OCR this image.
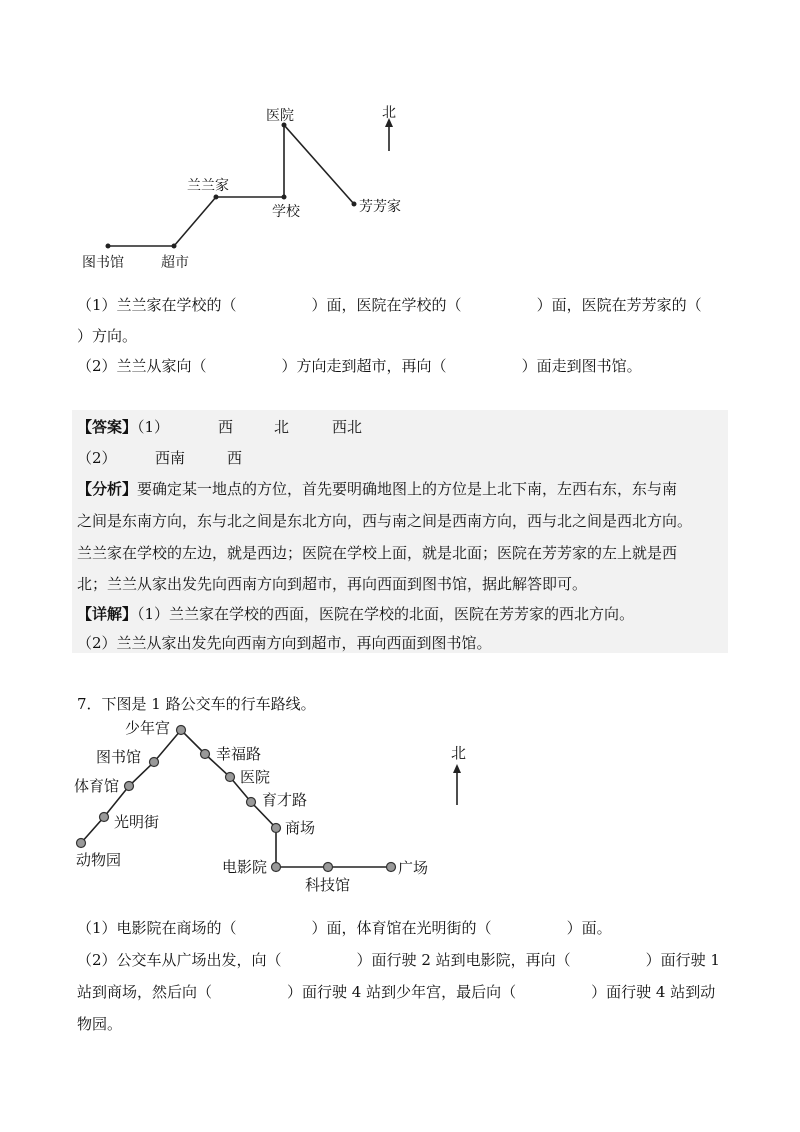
医院	北
兰兰家
学校	芳芳家
图书馆	超市
（1）兰兰家在学校的（	）面，医院在学校的（	）面，医院在芳芳家的（
）方向。
（2）兰兰从家向（	）方向走到超市，再向（	）面走到图书馆。
【答案】（1）	西	北	西北
（2）	西南	西
【分析】要确定某一地点的方位，首先要明确地图上的方位是上北下南，左西右东，东与南
之间是东南方向，东与北之间是东北方向，西与南之间是西南方向，西与北之间是西北方向。
兰兰家在学校的左边，就是西边；医院在学校上面，就是北面；医院在芳芳家的左上就是西
北；兰兰从家出发先向西南方向到超市，再向西面到图书馆，据此解答即可。
【详解】（1）兰兰家在学校的西面，医院在学校的北面，医院在芳芳家的西北方向。
（2）兰兰从家出发先向西南方向到超市，再向西面到图书馆。
7．下图是 1 路公交车的行车路线。
北
少年宫
图书馆	幸福路
医院
体育馆
育才路
光明街	商场
动物园	电影院
科技馆
广场
（1）电影院在商场的（	）面，体育馆在光明街的（	）面。
（2）公交车从广场出发，向（	）面行驶 2 站到电影院，再向（	）面行驶 1
站到商场，然后向（	）面行驶 4 站到少年宫，最后向（	）面行驶 4 站到动
物园。
